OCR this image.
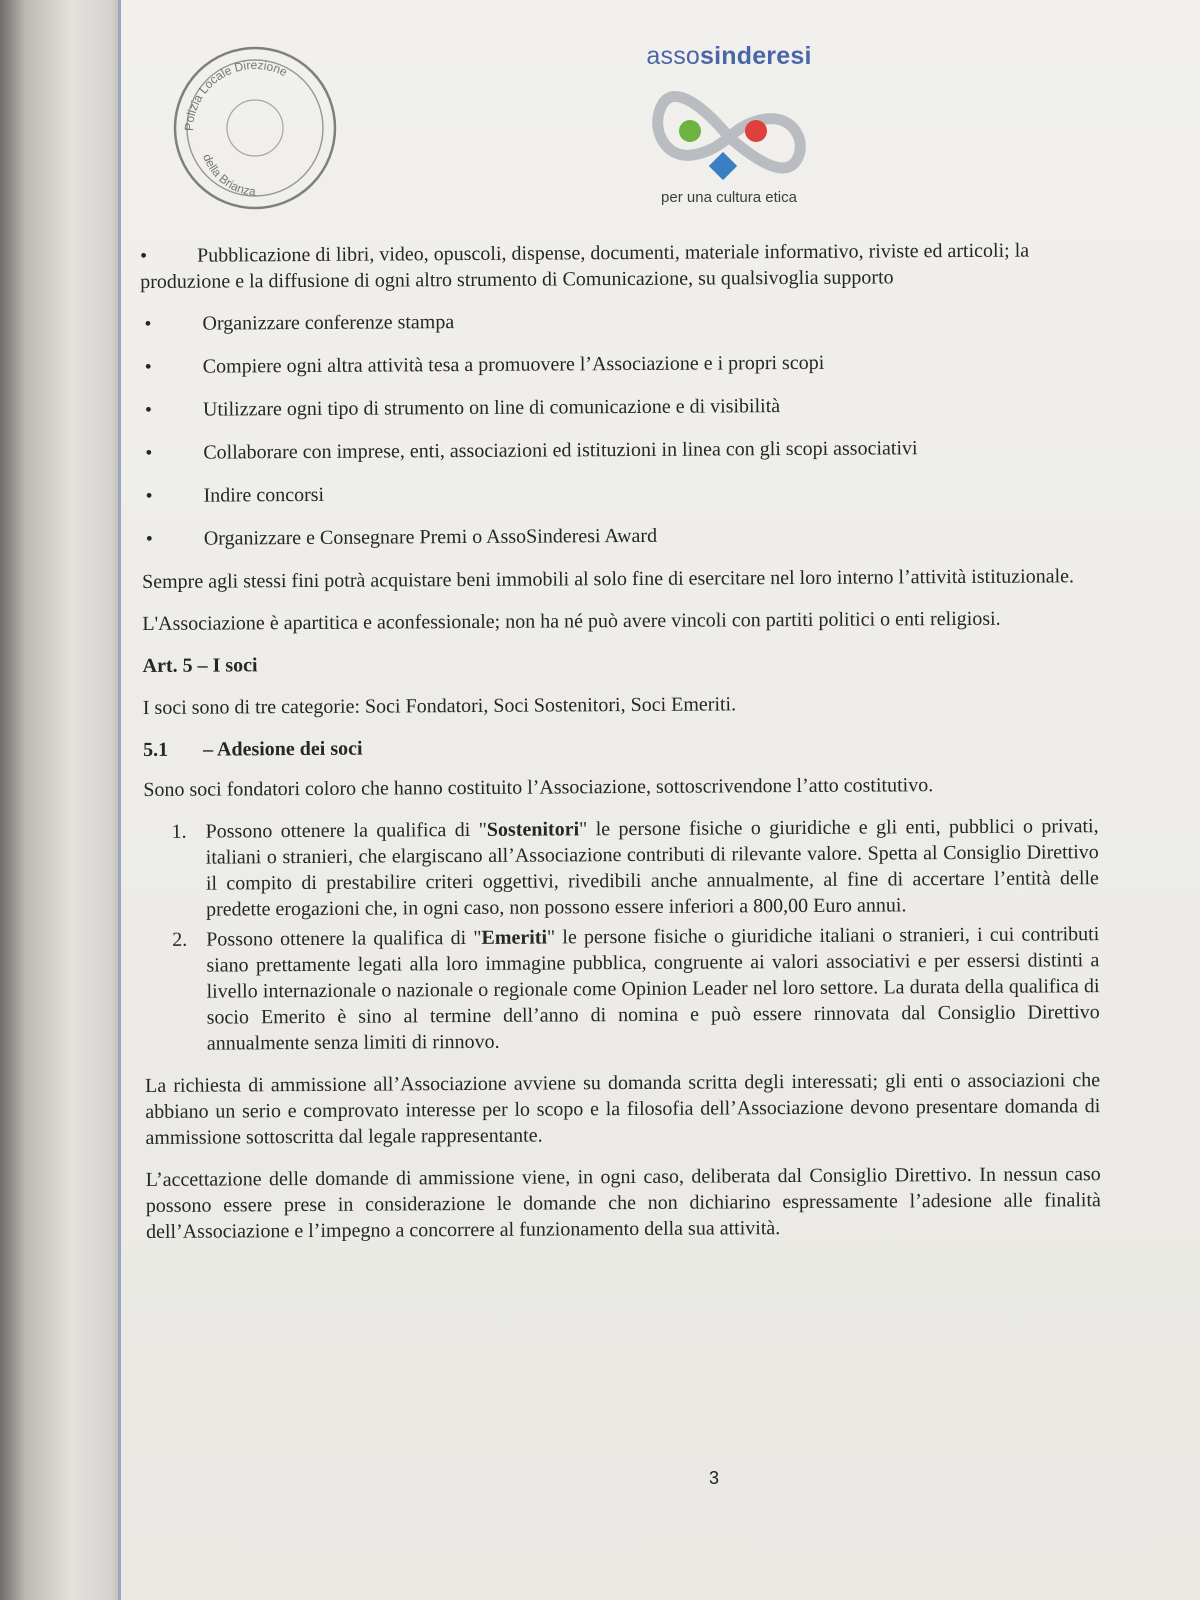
Polizia Locale Direzione
della Brianza
assosinderesi
per una cultura etica
3
• Pubblicazione di libri, video, opuscoli, dispense, documenti, materiale informativo, riviste ed articoli; la produzione e la diffusione di ogni altro strumento di Comunicazione, su qualsivoglia supporto
•	Organizzare conferenze stampa
•	Compiere ogni altra attività tesa a promuovere l’Associazione e i propri scopi
•	Utilizzare ogni tipo di strumento on line di comunicazione e di visibilità
•	Collaborare con imprese, enti, associazioni ed istituzioni in linea con gli scopi associativi
•	Indire concorsi
•	Organizzare e Consegnare Premi o AssoSinderesi Award

Sempre agli stessi fini potrà acquistare beni immobili al solo fine di esercitare nel loro interno l’attività istituzionale.

L'Associazione è apartitica e aconfessionale; non ha né può avere vincoli con partiti politici o enti religiosi.

Art. 5 – I soci

I soci sono di tre categorie: Soci Fondatori, Soci Sostenitori, Soci Emeriti.

5.1 – Adesione dei soci

Sono soci fondatori coloro che hanno costituito l’Associazione, sottoscrivendone l’atto costitutivo.

1. Possono ottenere la qualifica di "Sostenitori" le persone fisiche o giuridiche e gli enti, pubblici o privati, italiani o stranieri, che elargiscano all’Associazione contributi di rilevante valore. Spetta al Consiglio Direttivo il compito di prestabilire criteri oggettivi, rivedibili anche annualmente, al fine di accertare l’entità delle predette erogazioni che, in ogni caso, non possono essere inferiori a 800,00 Euro annui.
2. Possono ottenere la qualifica di "Emeriti" le persone fisiche o giuridiche italiani o stranieri, i cui contributi siano prettamente legati alla loro immagine pubblica, congruente ai valori associativi e per essersi distinti a livello internazionale o nazionale o regionale come Opinion Leader nel loro settore. La durata della qualifica di socio Emerito è sino al termine dell’anno di nomina e può essere rinnovata dal Consiglio Direttivo annualmente senza limiti di rinnovo.

La richiesta di ammissione all’Associazione avviene su domanda scritta degli interessati; gli enti o associazioni che abbiano un serio e comprovato interesse per lo scopo e la filosofia dell’Associazione devono presentare domanda di ammissione sottoscritta dal legale rappresentante.

L’accettazione delle domande di ammissione viene, in ogni caso, deliberata dal Consiglio Direttivo. In nessun caso possono essere prese in considerazione le domande che non dichiarino espressamente l’adesione alle finalità dell’Associazione e l’impegno a concorrere al funzionamento della sua attività.
